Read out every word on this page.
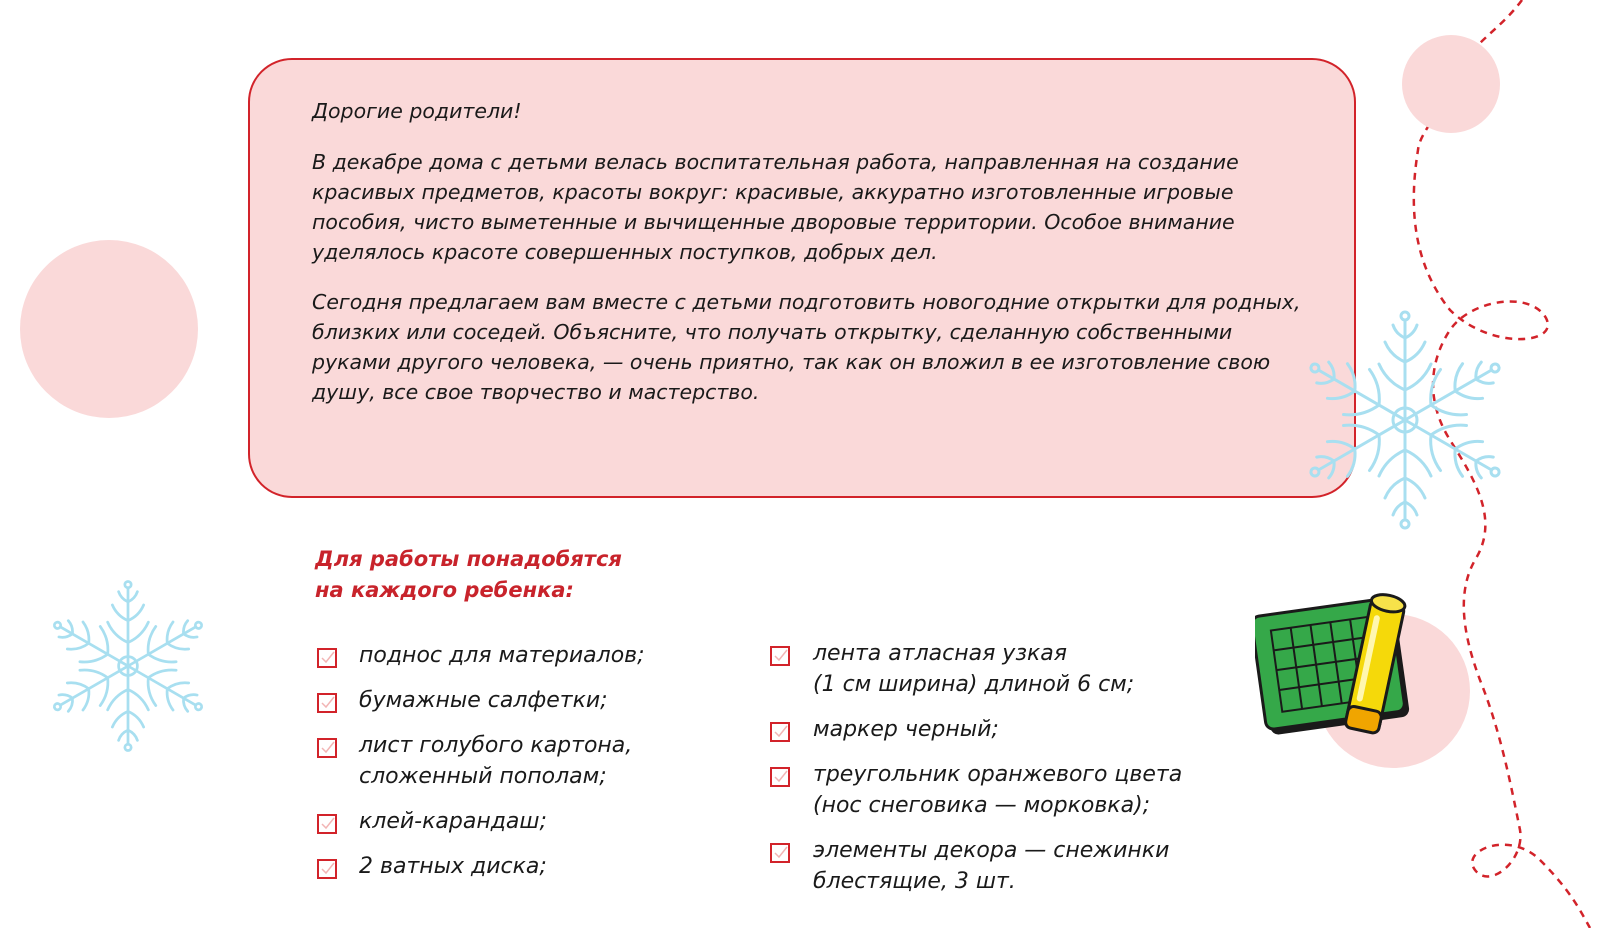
Дорогие родители!

В декабре дома с детьми велась воспитательная работа, направленная на создание красивых предметов, красоты вокруг: красивые, аккуратно изготовленные игровые пособия, чисто выметенные и вычищенные дворовые территории. Особое внимание уделялось красоте совершенных поступков, добрых дел.

Сегодня предлагаем вам вместе с детьми подготовить новогодние открытки для родных, близких или соседей. Объясните, что получать открытку, сделанную собственными руками другого человека, — очень приятно, так как он вложил в ее изготовление свою душу, все свое творчество и мастерство.

Для работы понадобятся
на каждого ребенка:
поднос для материалов;
бумажные салфетки;
лист голубого картона,
сложенный пополам;
клей-карандаш;
2 ватных диска;
лента атласная узкая
(1 см ширина) длиной 6 см;
маркер черный;
треугольник оранжевого цвета
(нос снеговика — морковка);
элементы декора — снежинки
блестящие, 3 шт.
